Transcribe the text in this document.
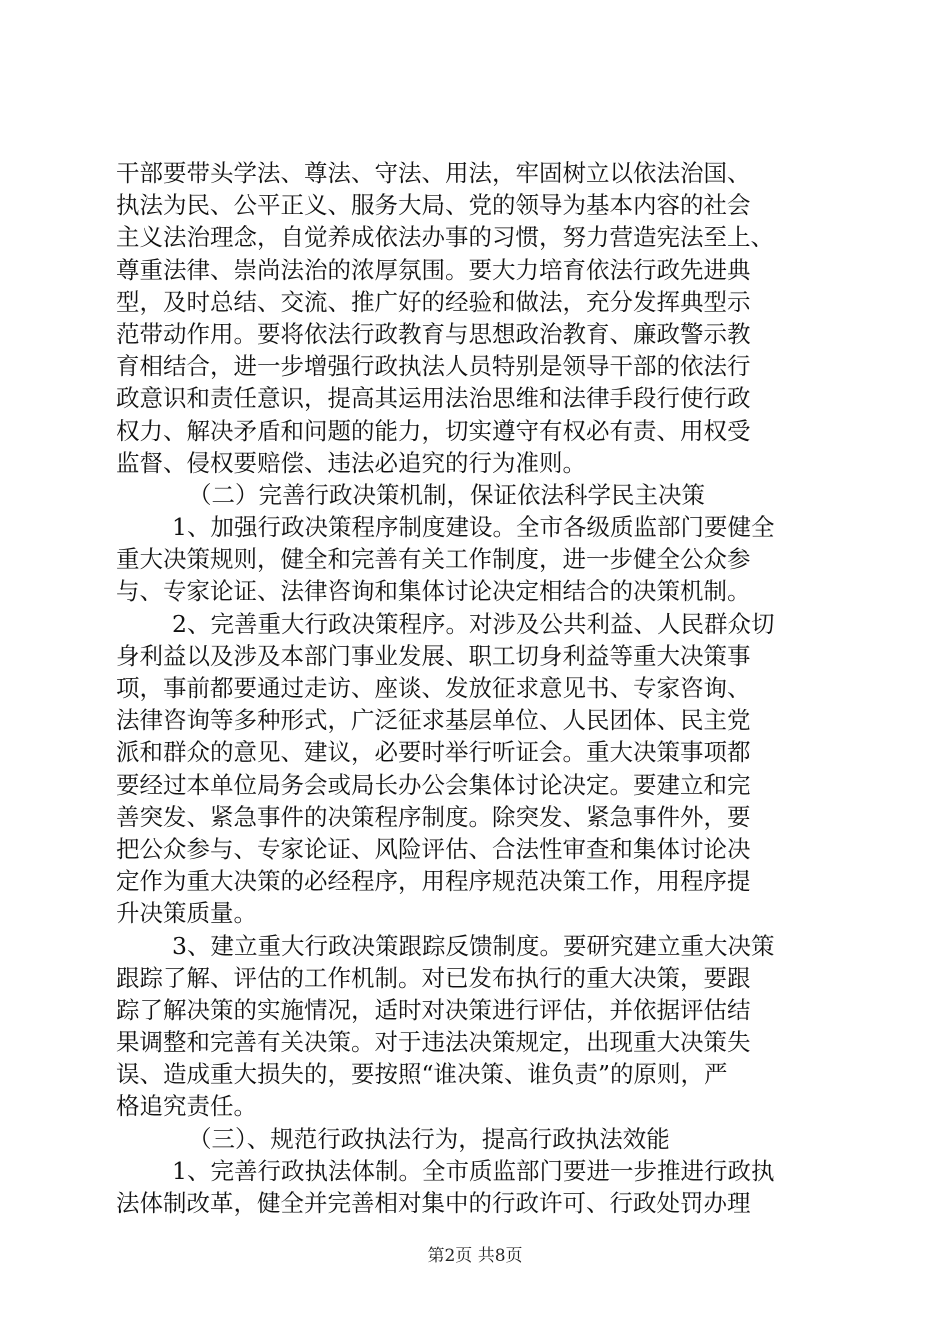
干部要带头学法、尊法、守法、用法，牢固树立以依法治国、
执法为民、公平正义、服务大局、党的领导为基本内容的社会
主义法治理念，自觉养成依法办事的习惯，努力营造宪法至上、
尊重法律、崇尚法治的浓厚氛围。要大力培育依法行政先进典
型，及时总结、交流、推广好的经验和做法，充分发挥典型示
范带动作用。要将依法行政教育与思想政治教育、廉政警示教
育相结合，进一步增强行政执法人员特别是领导干部的依法行
政意识和责任意识，提高其运用法治思维和法律手段行使行政
权力、解决矛盾和问题的能力，切实遵守有权必有责、用权受
监督、侵权要赔偿、违法必追究的行为准则。
（二）完善行政决策机制，保证依法科学民主决策
1、加强行政决策程序制度建设。全市各级质监部门要健全
重大决策规则，健全和完善有关工作制度，进一步健全公众参
与、专家论证、法律咨询和集体讨论决定相结合的决策机制。
2、完善重大行政决策程序。对涉及公共利益、人民群众切
身利益以及涉及本部门事业发展、职工切身利益等重大决策事
项，事前都要通过走访、座谈、发放征求意见书、专家咨询、
法律咨询等多种形式，广泛征求基层单位、人民团体、民主党
派和群众的意见、建议，必要时举行听证会。重大决策事项都
要经过本单位局务会或局长办公会集体讨论决定。要建立和完
善突发、紧急事件的决策程序制度。除突发、紧急事件外，要
把公众参与、专家论证、风险评估、合法性审查和集体讨论决
定作为重大决策的必经程序，用程序规范决策工作，用程序提
升决策质量。
3、建立重大行政决策跟踪反馈制度。要研究建立重大决策
跟踪了解、评估的工作机制。对已发布执行的重大决策，要跟
踪了解决策的实施情况，适时对决策进行评估，并依据评估结
果调整和完善有关决策。对于违法决策规定，出现重大决策失
误、造成重大损失的，要按照“谁决策、谁负责”的原则，严
格追究责任。
（三）、规范行政执法行为，提高行政执法效能
1、完善行政执法体制。全市质监部门要进一步推进行政执
法体制改革，健全并完善相对集中的行政许可、行政处罚办理
第2页 共8页
